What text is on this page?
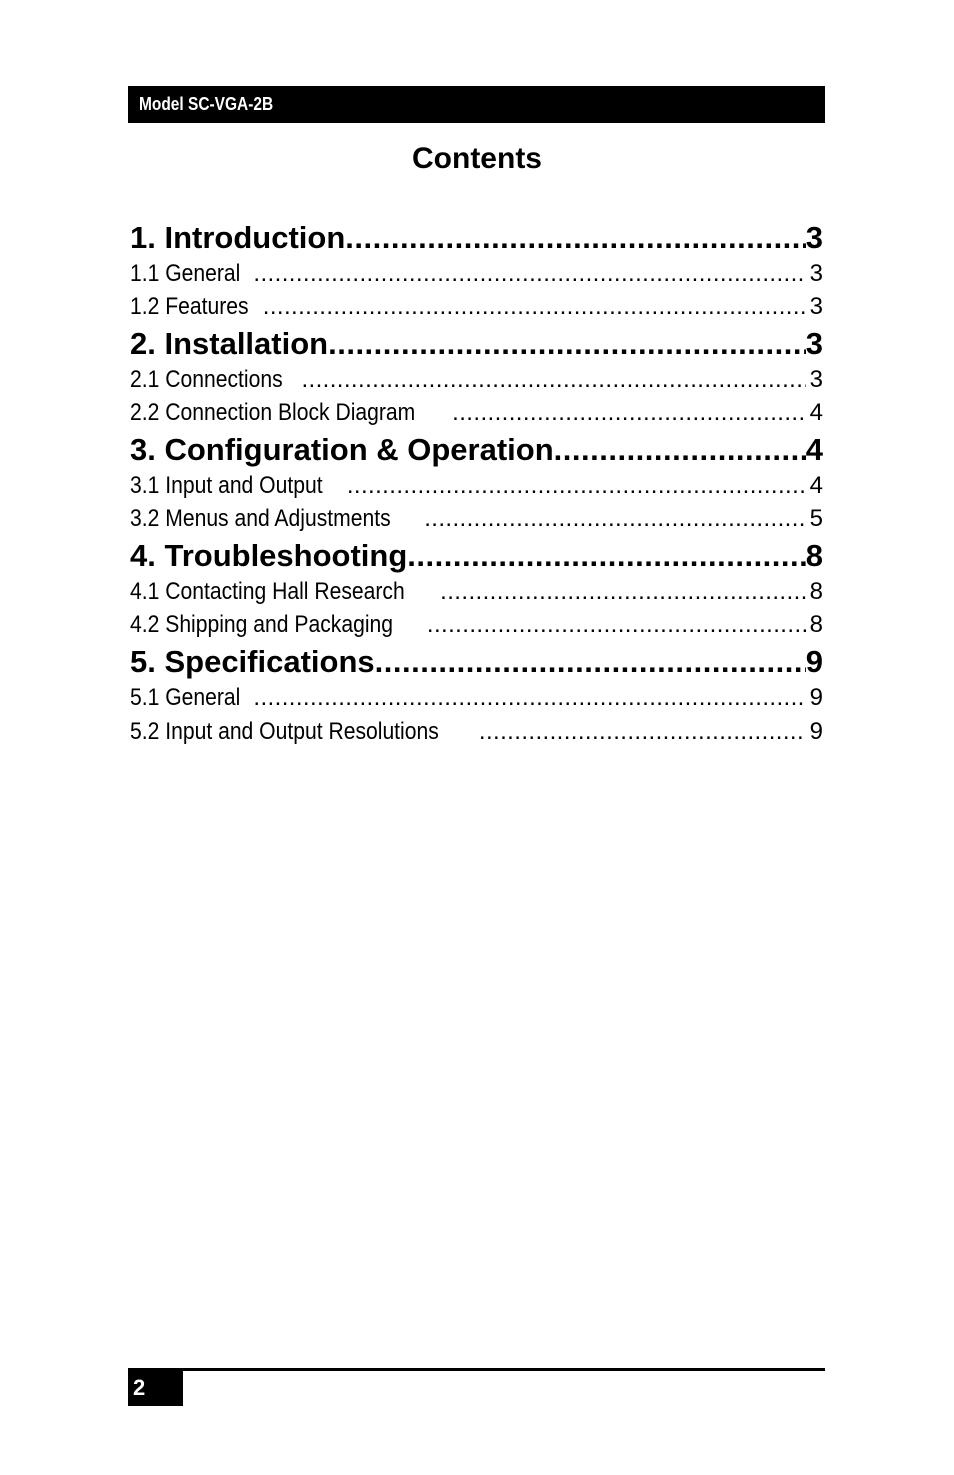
Model SC-VGA-2B
Contents
1. Introduction .....	3
1.1 General .....	3
1.2 Features .....	3
2. Installation .....	3
2.1 Connections .....	3
2.2 Connection Block Diagram .....	4
3. Configuration & Operation .....	4
3.1 Input and Output .....	4
3.2 Menus and Adjustments .....	5
4. Troubleshooting .....	8
4.1 Contacting Hall Research .....	8
4.2 Shipping and Packaging .....	8
5. Specifications .....	9
5.1 General .....	9
5.2 Input and Output Resolutions .....	9
2
